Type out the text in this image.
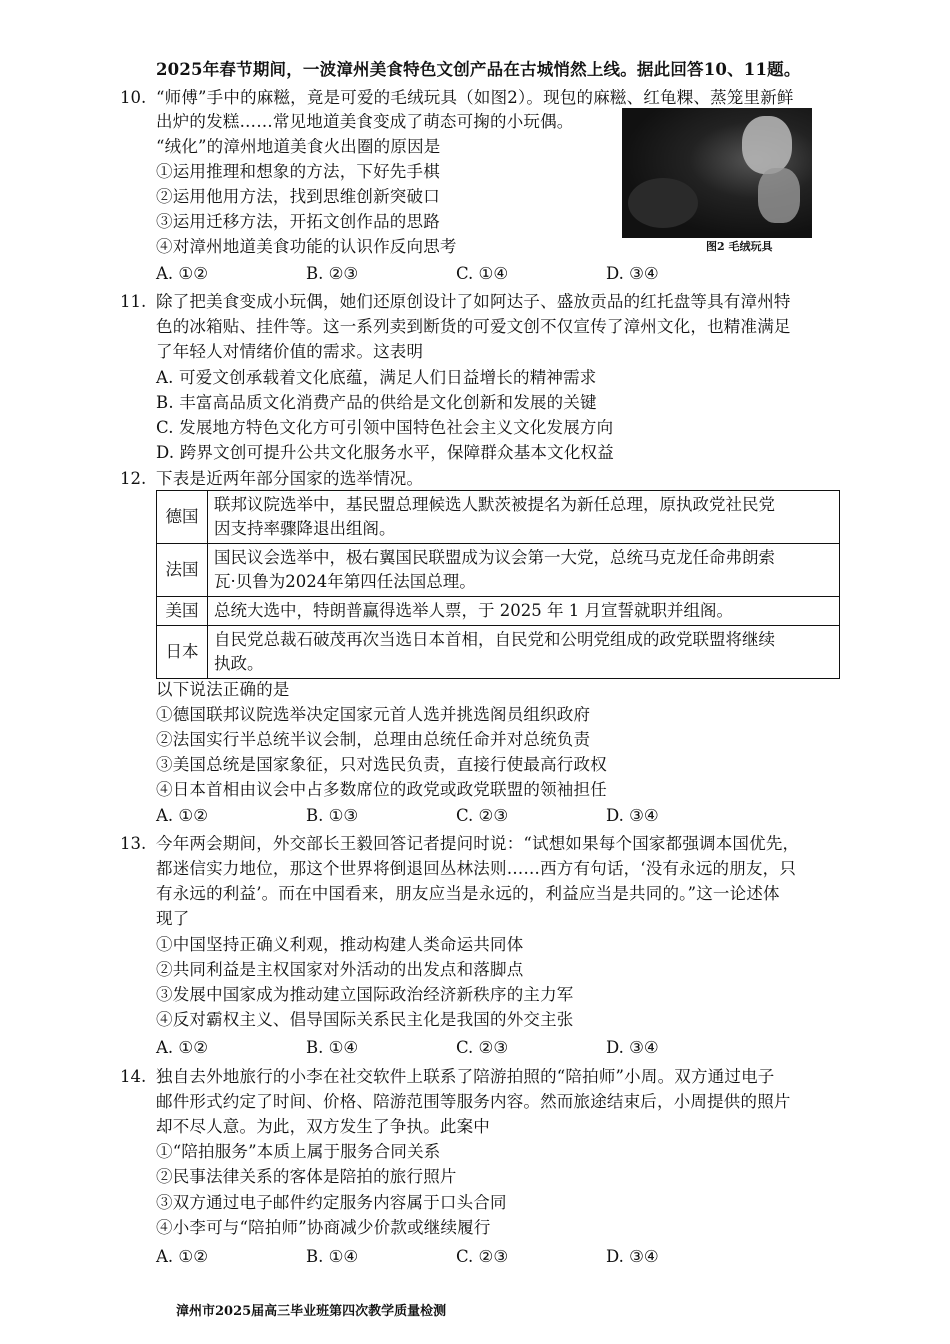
2025年春节期间，一波漳州美食特色文创产品在古城悄然上线。据此回答10、11题。
10. “师傅”手中的麻糍，竟是可爱的毛绒玩具（如图2）。现包的麻糍、红龟粿、蒸笼里新鲜
出炉的发糕……常见地道美食变成了萌态可掬的小玩偶。
“绒化”的漳州地道美食火出圈的原因是
①运用推理和想象的方法，下好先手棋
②运用他用方法，找到思维创新突破口
③运用迁移方法，开拓文创作品的思路
④对漳州地道美食功能的认识作反向思考	图2 毛绒玩具
A. ①②	B. ②③	C. ①④	D. ③④
11. 除了把美食变成小玩偶，她们还原创设计了如阿达子、盛放贡品的红托盘等具有漳州特
色的冰箱贴、挂件等。这一系列卖到断货的可爱文创不仅宣传了漳州文化，也精准满足
了年轻人对情绪价值的需求。这表明
A. 可爱文创承载着文化底蕴，满足人们日益增长的精神需求
B. 丰富高品质文化消费产品的供给是文化创新和发展的关键
C. 发展地方特色文化方可引领中国特色社会主义文化发展方向
D. 跨界文创可提升公共文化服务水平，保障群众基本文化权益
12. 下表是近两年部分国家的选举情况。
德国	联邦议院选举中，基民盟总理候选人默茨被提名为新任总理，原执政党社民党
因支持率骤降退出组阁。

法国	国民议会选举中，极右翼国民联盟成为议会第一大党，总统马克龙任命弗朗索
瓦·贝鲁为2024年第四任法国总理。

美国	总统大选中，特朗普赢得选举人票，于 2025 年 1 月宣誓就职并组阁。

日本	自民党总裁石破茂再次当选日本首相，自民党和公明党组成的政党联盟将继续
执政。
以下说法正确的是
①德国联邦议院选举决定国家元首人选并挑选阁员组织政府
②法国实行半总统半议会制，总理由总统任命并对总统负责
③美国总统是国家象征，只对选民负责，直接行使最高行政权
④日本首相由议会中占多数席位的政党或政党联盟的领袖担任
A. ①②	B. ①③	C. ②③	D. ③④
13. 今年两会期间，外交部长王毅回答记者提问时说：“试想如果每个国家都强调本国优先，
都迷信实力地位，那这个世界将倒退回丛林法则……西方有句话，‘没有永远的朋友，只
有永远的利益’。而在中国看来，朋友应当是永远的，利益应当是共同的。”这一论述体
现了
①中国坚持正确义利观，推动构建人类命运共同体
②共同利益是主权国家对外活动的出发点和落脚点
③发展中国家成为推动建立国际政治经济新秩序的主力军
④反对霸权主义、倡导国际关系民主化是我国的外交主张
A. ①②	B. ①④	C. ②③	D. ③④
14. 独自去外地旅行的小李在社交软件上联系了陪游拍照的“陪拍师”小周。双方通过电子
邮件形式约定了时间、价格、陪游范围等服务内容。然而旅途结束后，小周提供的照片
却不尽人意。为此，双方发生了争执。此案中
①“陪拍服务”本质上属于服务合同关系
②民事法律关系的客体是陪拍的旅行照片
③双方通过电子邮件约定服务内容属于口头合同
④小李可与“陪拍师”协商减少价款或继续履行
A. ①②	B. ①④	C. ②③	D. ③④
漳州市2025届高三毕业班第四次教学质量检测
